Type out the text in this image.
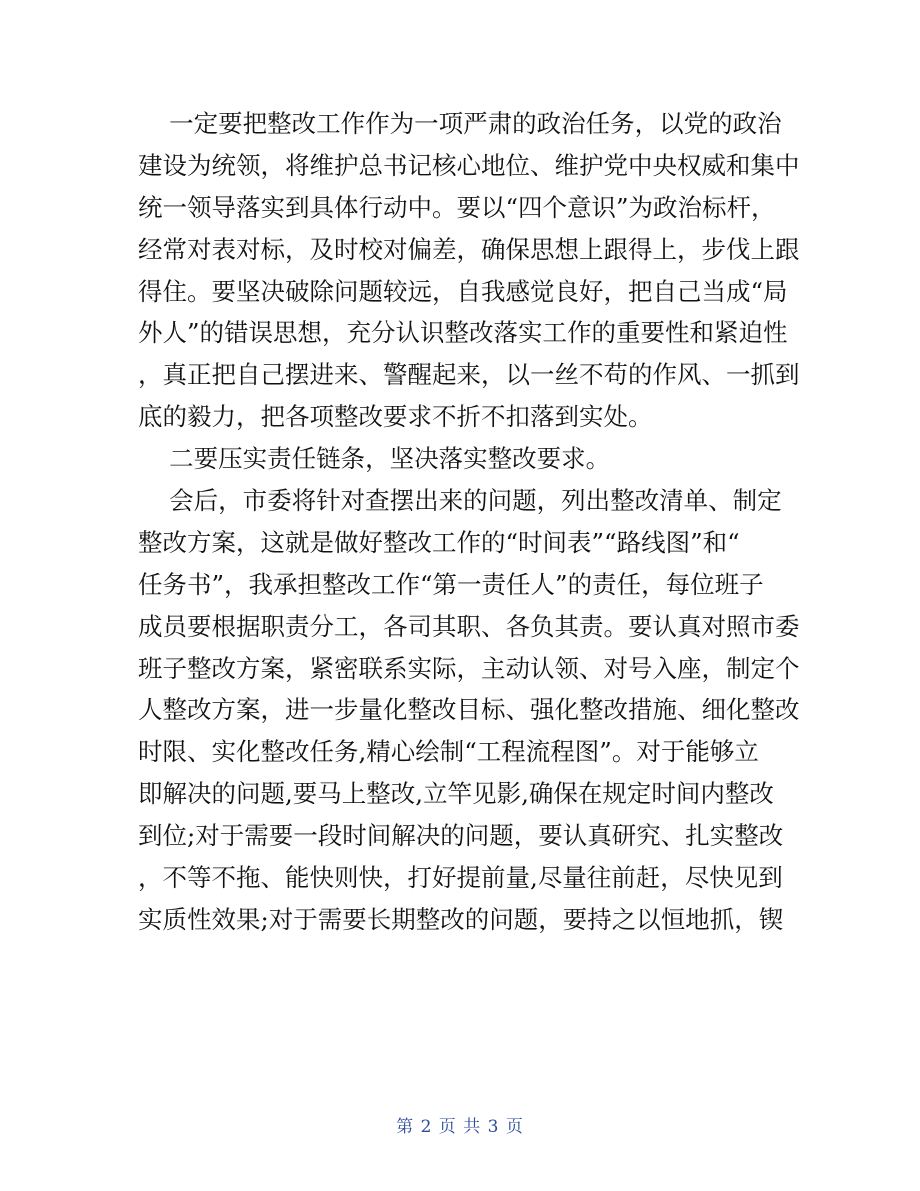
一定要把整改工作作为一项严肃的政治任务，以党的政治
建设为统领，将维护总书记核心地位、维护党中央权威和集中
统一领导落实到具体行动中。要以“四个意识”为政治标杆，
经常对表对标，及时校对偏差，确保思想上跟得上，步伐上跟
得住。要坚决破除问题较远，自我感觉良好，把自己当成“局
外人”的错误思想，充分认识整改落实工作的重要性和紧迫性
，真正把自己摆进来、警醒起来，以一丝不苟的作风、一抓到
底的毅力，把各项整改要求不折不扣落到实处。
二要压实责任链条，坚决落实整改要求。
会后，市委将针对查摆出来的问题，列出整改清单、制定
整改方案，这就是做好整改工作的“时间表”“路线图”和“
任务书”，我承担整改工作“第一责任人”的责任，每位班子
成员要根据职责分工，各司其职、各负其责。要认真对照市委
班子整改方案，紧密联系实际，主动认领、对号入座，制定个
人整改方案，进一步量化整改目标、强化整改措施、细化整改
时限、实化整改任务,精心绘制“工程流程图”。对于能够立
即解决的问题,要马上整改,立竿见影,确保在规定时间内整改
到位;对于需要一段时间解决的问题，要认真研究、扎实整改
，不等不拖、能快则快，打好提前量,尽量往前赶，尽快见到
实质性效果;对于需要长期整改的问题，要持之以恒地抓，锲
第 2 页 共 3 页
